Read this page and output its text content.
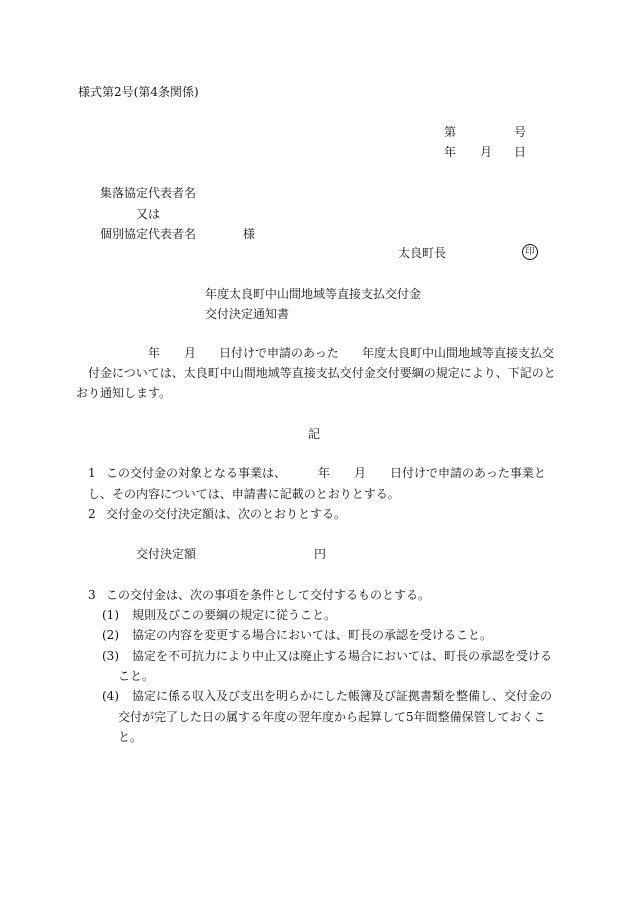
様式第2号(第4条関係)
第	号
年 月 日
集落協定代表者名
又は
個別協定代表者名	様
太良町長	印
年度太良町中山間地域等直接支払交付金
交付決定通知書
年 月 日付けで申請のあった 年度太良町中山間地域等直接支払交
付金については、太良町中山間地域等直接支払交付金交付要綱の規定により、下記のと
おり通知します。
記
1 この交付金の対象となる事業は、	年 月 日付けで申請のあった事業と
し、その内容については、申請書に記載のとおりとする。
2 交付金の交付決定額は、次のとおりとする。
交付決定額	円
3 この交付金は、次の事項を条件として交付するものとする。
(1) 規則及びこの要綱の規定に従うこと。
(2) 協定の内容を変更する場合においては、町長の承認を受けること。
(3) 協定を不可抗力により中止又は廃止する場合においては、町長の承認を受ける
こと。
(4) 協定に係る収入及び支出を明らかにした帳簿及び証拠書類を整備し、交付金の
交付が完了した日の属する年度の翌年度から起算して5年間整備保管しておくこ
と。
